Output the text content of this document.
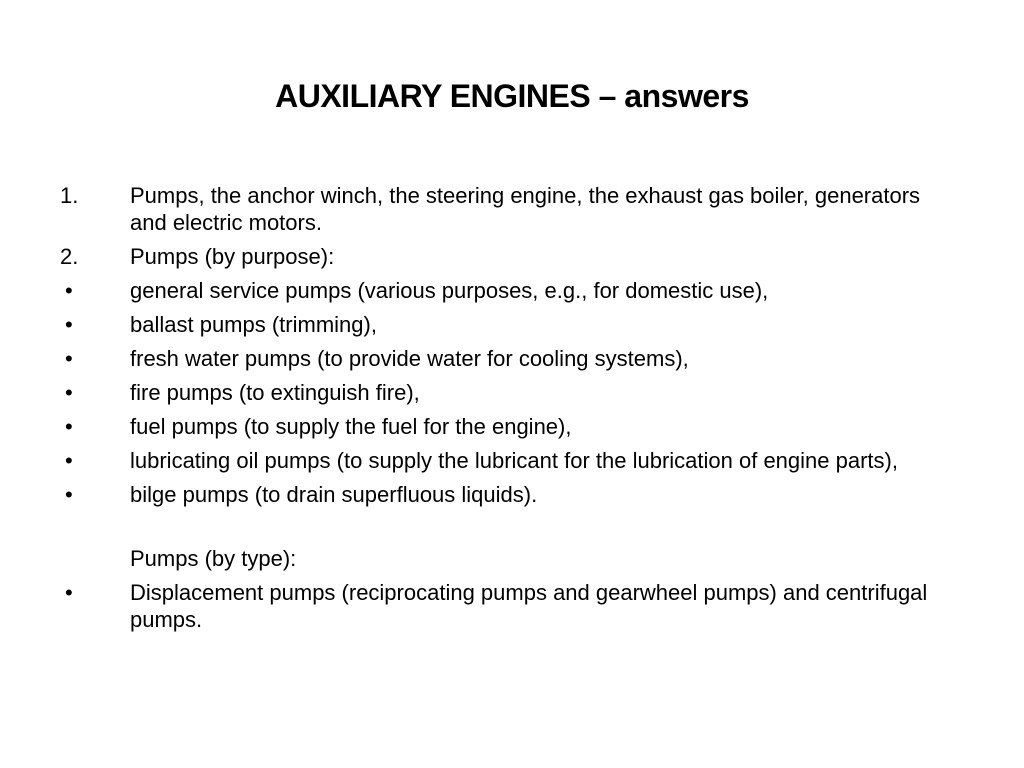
AUXILIARY ENGINES – answers
1.	Pumps, the anchor winch, the steering engine, the exhaust gas boiler, generators and electric motors.
2.	Pumps (by purpose):
•	general service pumps (various purposes, e.g., for domestic use),
•	ballast pumps (trimming),
•	fresh water pumps (to provide water for cooling systems),
•	fire pumps (to extinguish fire),
•	fuel pumps (to supply the fuel for the engine),
•	lubricating oil pumps (to supply the lubricant for the lubrication of engine parts),
•	bilge pumps (to drain superfluous liquids).
Pumps (by type):
•	Displacement pumps (reciprocating pumps and gearwheel pumps) and centrifugal pumps.
